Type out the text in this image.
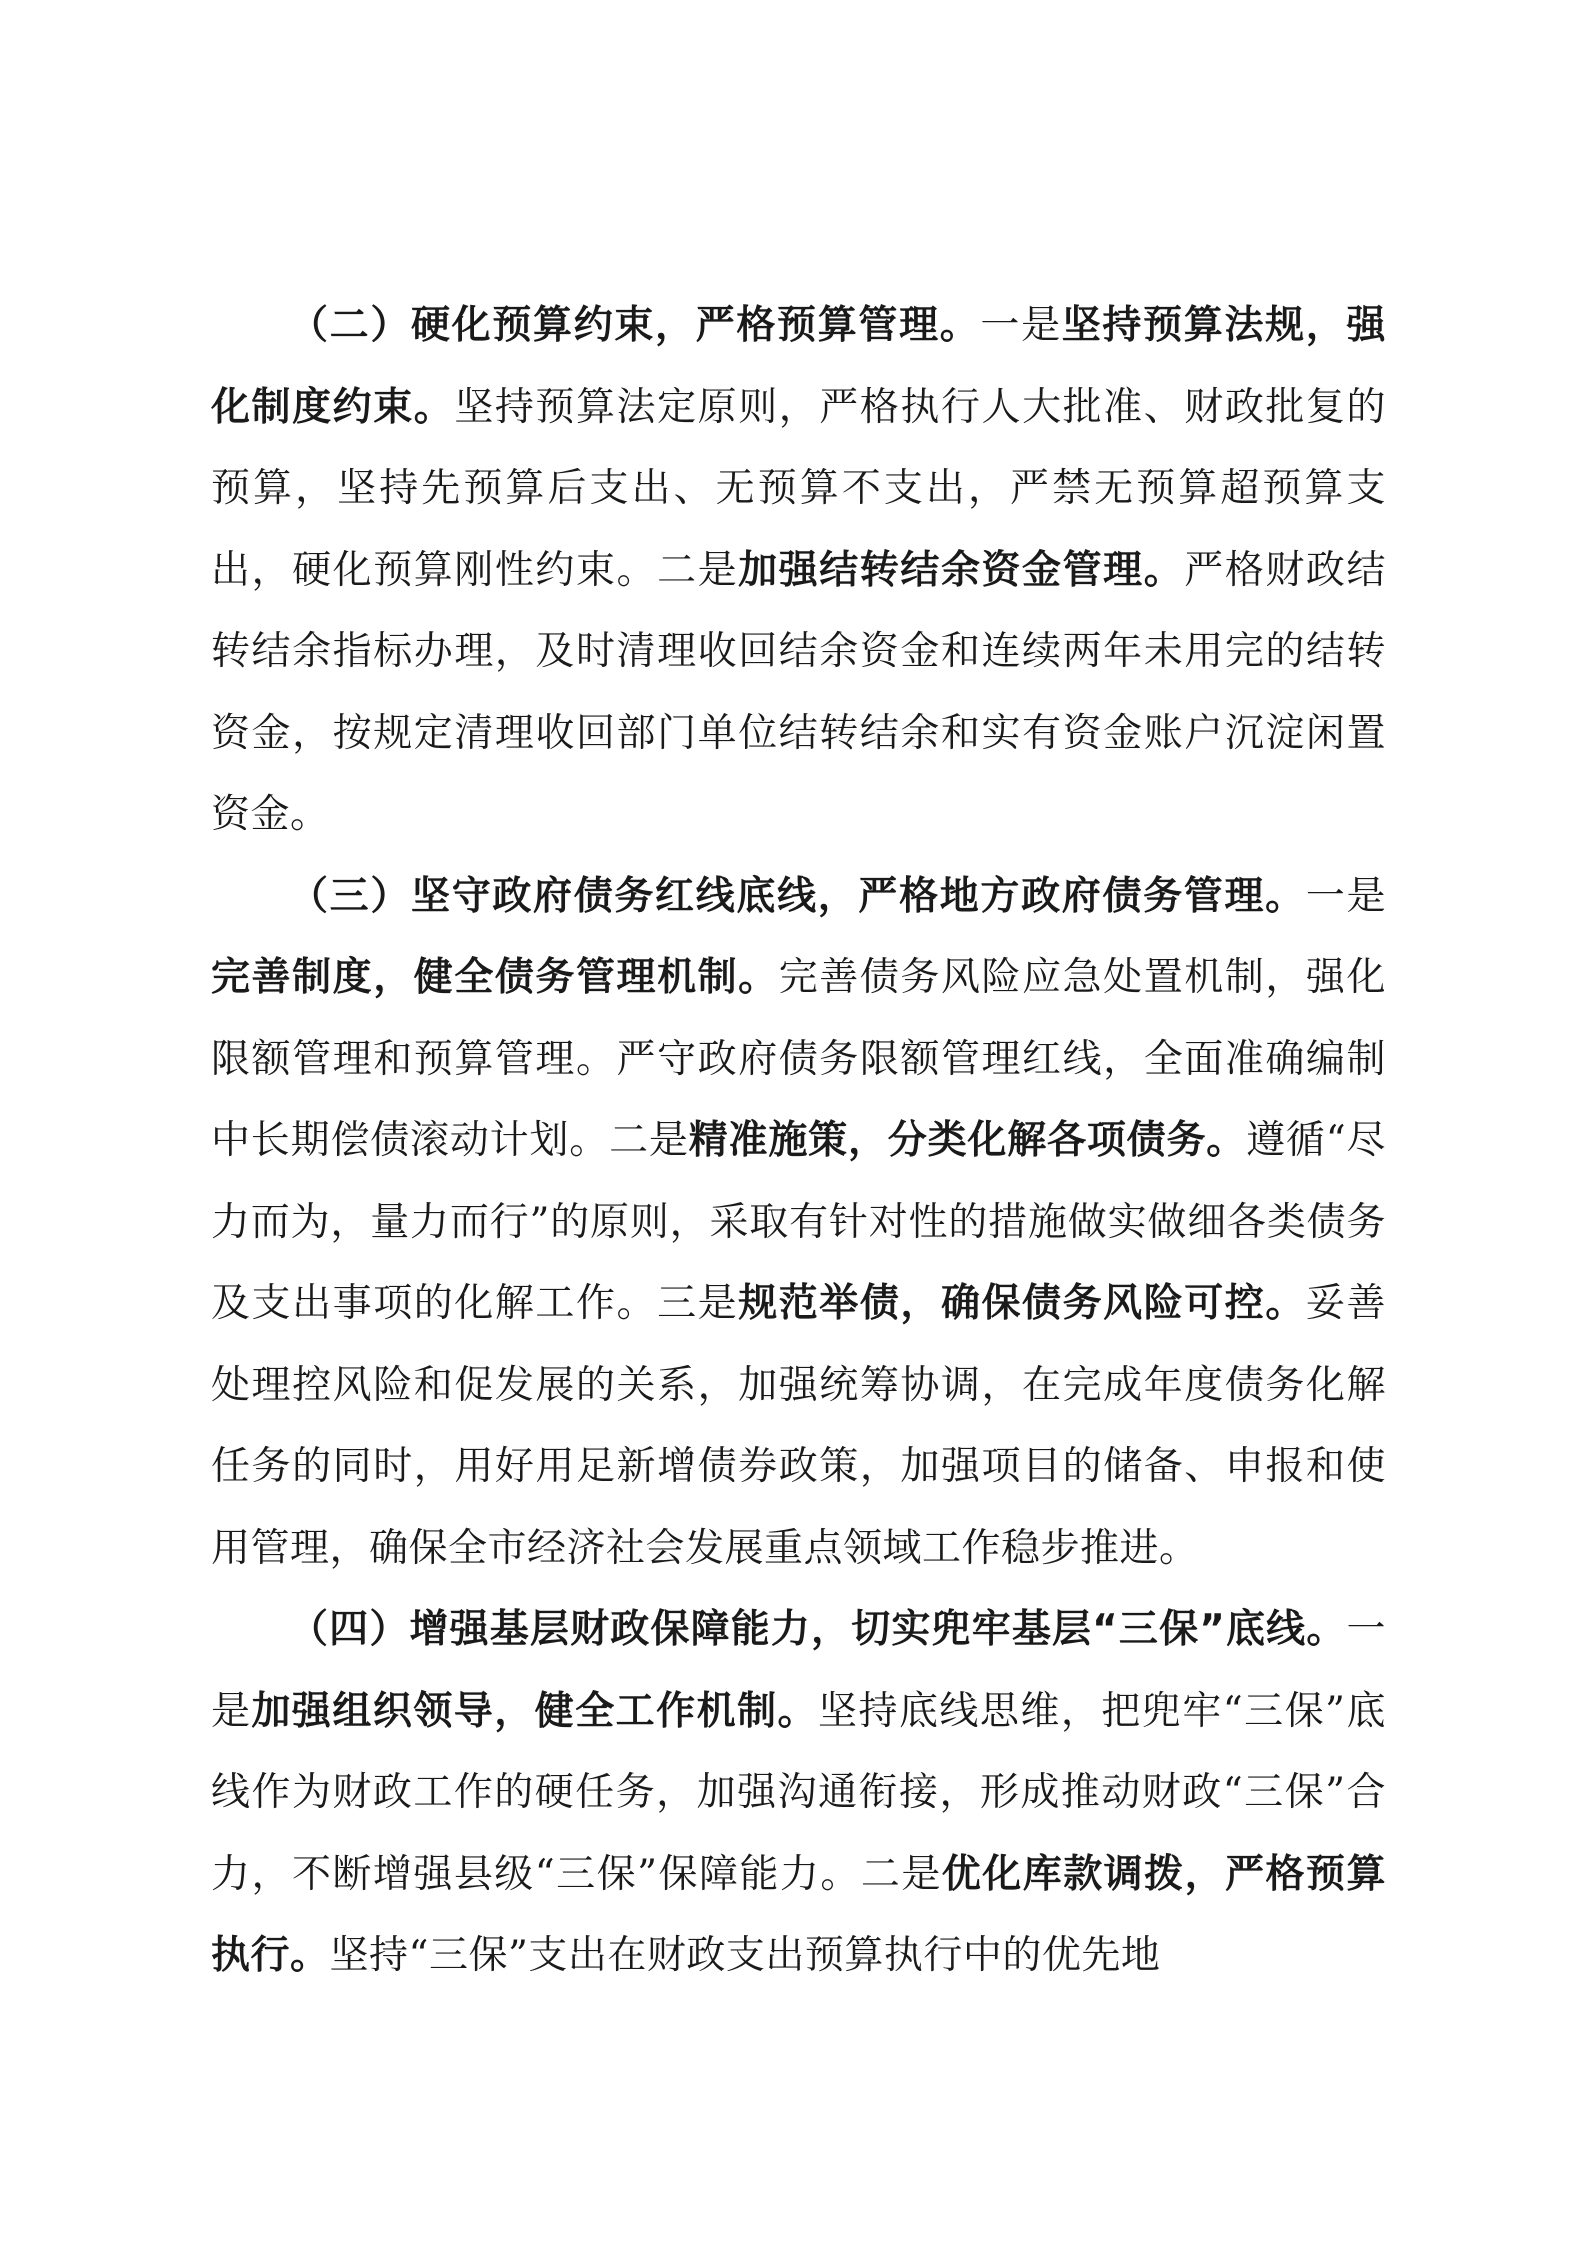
（二）硬化预算约束，严格预算管理。一是坚持预算法规，强化制度约束。坚持预算法定原则，严格执行人大批准、财政批复的预算，坚持先预算后支出、无预算不支出，严禁无预算超预算支出，硬化预算刚性约束。二是加强结转结余资金管理。严格财政结转结余指标办理，及时清理收回结余资金和连续两年未用完的结转资金，按规定清理收回部门单位结转结余和实有资金账户沉淀闲置资金。

（三）坚守政府债务红线底线，严格地方政府债务管理。一是完善制度，健全债务管理机制。完善债务风险应急处置机制，强化限额管理和预算管理。严守政府债务限额管理红线，全面准确编制中长期偿债滚动计划。二是精准施策，分类化解各项债务。遵循“尽力而为，量力而行”的原则，采取有针对性的措施做实做细各类债务及支出事项的化解工作。三是规范举债，确保债务风险可控。妥善处理控风险和促发展的关系，加强统筹协调，在完成年度债务化解任务的同时，用好用足新增债券政策，加强项目的储备、申报和使用管理，确保全市经济社会发展重点领域工作稳步推进。

（四）增强基层财政保障能力，切实兜牢基层“三保”底线。一是加强组织领导，健全工作机制。坚持底线思维，把兜牢“三保”底线作为财政工作的硬任务，加强沟通衔接，形成推动财政“三保”合力，不断增强县级“三保”保障能力。二是优化库款调拨，严格预算执行。坚持“三保”支出在财政支出预算执行中的优先地
